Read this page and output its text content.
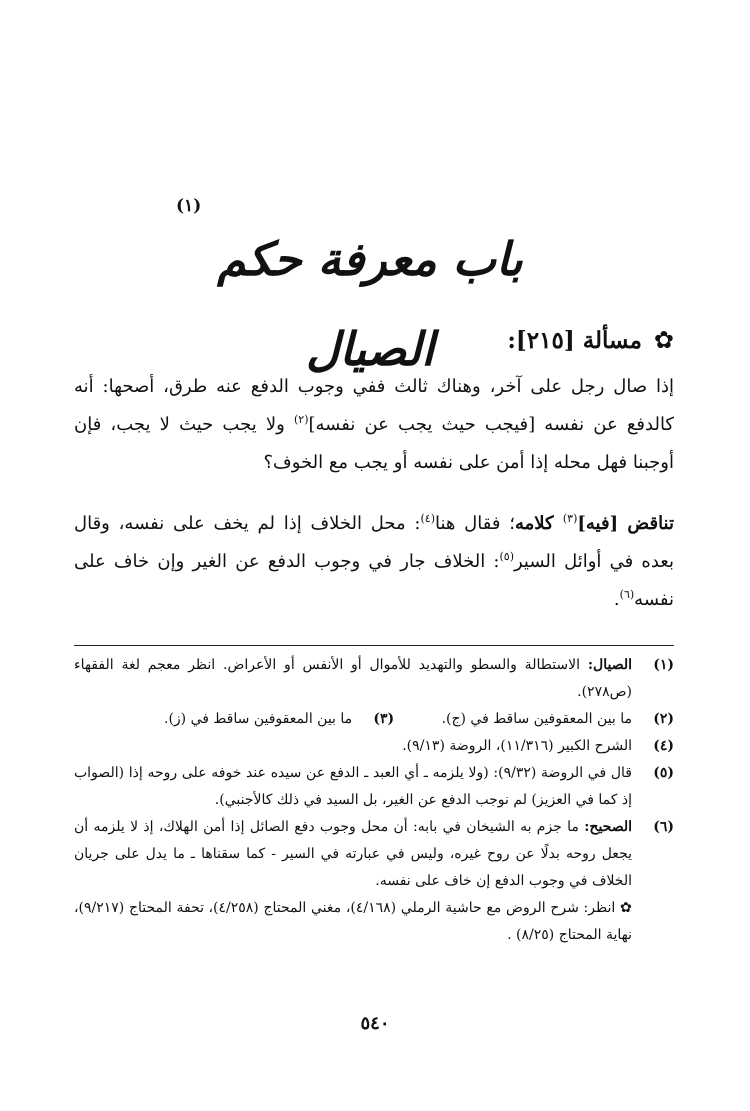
(١)
باب معرفة حكم الصيال	✿
مسألة [٢١٥]:
إذا صال رجل على آخر، وهناك ثالث ففي وجوب الدفع عنه طرق، أصحها: أنه كالدفع عن نفسه [فيجب حيث يجب عن نفسه]$^{(٢)}$ ولا يجب حيث لا يجب، فإن أوجبنا فهل محله إذا أمن على نفسه أو يجب مع الخوف؟
تناقض [فيه]$^{(٣)}$ كلامه؛ فقال هنا$^{(٤)}$: محل الخلاف إذا لم يخف على نفسه، وقال بعده في أوائل السير$^{(٥)}$: الخلاف جار في وجوب الدفع عن الغير وإن خاف على نفسه$^{(٦)}$.
(١)
الصيال: الاستطالة والسطو والتهديد للأموال أو الأنفس أو الأعراض. انظر معجم لغة الفقهاء (ص٢٧٨).
(٢)
ما بين المعقوفين ساقط في (ج).
(٣)
ما بين المعقوفين ساقط في (ز).
(٤)
الشرح الكبير (١١/٣١٦)، الروضة (٩/١٣).
(٥)
قال في الروضة (٩/٣٢): (ولا يلزمه ـ أي العبد ـ الدفع عن سيده عند خوفه على روحه إذا (الصواب إذ كما في العزيز) لم نوجب الدفع عن الغير، بل السيد في ذلك كالأجنبي).
(٦)
الصحيح: ما جزم به الشيخان في بابه: أن محل وجوب دفع الصائل إذا أمن الهلاك، إذ لا يلزمه أن يجعل روحه بدلًا عن روح غيره، وليس في عبارته في السير - كما سقناها ـ ما يدل على جريان الخلاف في وجوب الدفع إن خاف على نفسه.
✿ انظر: شرح الروض مع حاشية الرملي (٤/١٦٨)، مغني المحتاج (٤/٢٥٨)، تحفة المحتاج (٩/٢١٧)، نهاية المحتاج (٨/٢٥) .
٥٤٠
